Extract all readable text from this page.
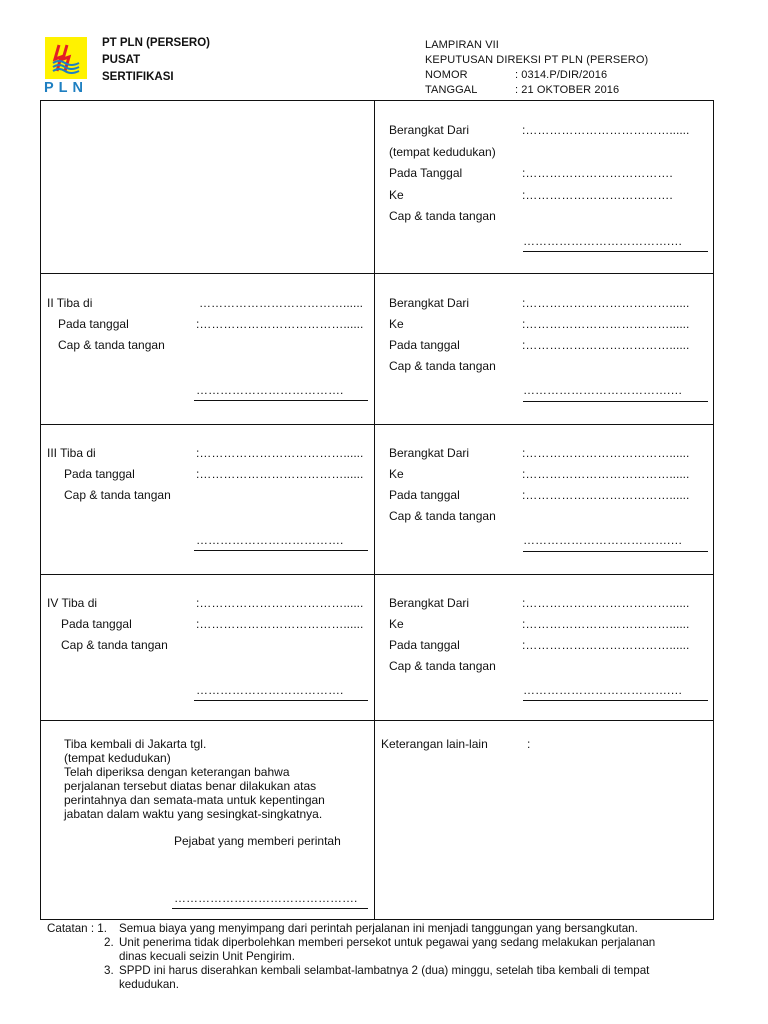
PLN
PT PLN (PERSERO)
PUSAT
SERTIFIKASI
LAMPIRAN VII
KEPUTUSAN DIREKSI PT PLN (PERSERO)
NOMOR	: 0314.P/DIR/2016
TANGGAL	: 21 OKTOBER 2016
Berangkat Dari	:………………………………......
(tempat kedudukan)
Pada Tanggal	:……………………………….
Ke	:……………………………….
Cap & tanda tangan
……………………………….…
II Tiba di	………………………………......
Pada tanggal	:………………………………......
Cap & tanda tangan
……………………………….
Berangkat Dari	:………………………………......
Ke	:………………………………......
Pada tanggal	:………………………………......
Cap & tanda tangan
……………………………….…
III Tiba di	:………………………………......
Pada tanggal	:………………………………......
Cap & tanda tangan
……………………………….
Berangkat Dari	:………………………………......
Ke	:………………………………......
Pada tanggal	:………………………………......
Cap & tanda tangan
……………………………….…
IV Tiba di	:………………………………......
Pada tanggal	:………………………………......
Cap & tanda tangan
……………………………….
Berangkat Dari	:………………………………......
Ke	:………………………………......
Pada tanggal	:………………………………......
Cap & tanda tangan
……………………………….…
Tiba kembali di Jakarta tgl.
(tempat kedudukan)
Telah diperiksa dengan keterangan bahwa
perjalanan tersebut diatas benar dilakukan atas
perintahnya dan semata-mata untuk kepentingan
jabatan dalam waktu yang sesingkat-singkatnya.
Pejabat yang memberi perintah
……………………………………….
Keterangan lain-lain	:
Catatan : 1. Semua biaya yang menyimpang dari perintah perjalanan ini menjadi tanggungan yang bersangkutan.
2. Unit penerima tidak diperbolehkan memberi persekot untuk pegawai yang sedang melakukan perjalanan
dinas kecuali seizin Unit Pengirim.
3. SPPD ini harus diserahkan kembali selambat-lambatnya 2 (dua) minggu, setelah tiba kembali di tempat
kedudukan.
